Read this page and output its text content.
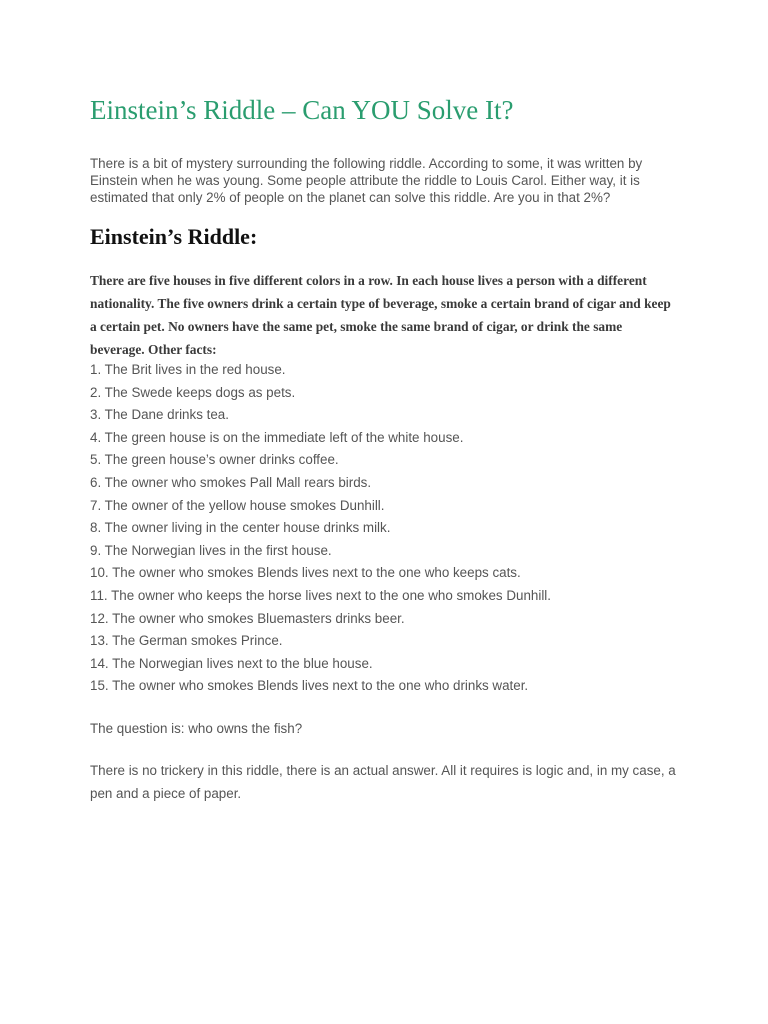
Einstein’s Riddle – Can YOU Solve It?

There is a bit of mystery surrounding the following riddle. According to some, it was written by Einstein when he was young. Some people attribute the riddle to Louis Carol. Either way, it is estimated that only 2% of people on the planet can solve this riddle. Are you in that 2%?

Einstein’s Riddle:

There are five houses in five different colors in a row. In each house lives a person with a different nationality. The five owners drink a certain type of beverage, smoke a certain brand of cigar and keep a certain pet. No owners have the same pet, smoke the same brand of cigar, or drink the same beverage. Other facts:

1. The Brit lives in the red house.
2. The Swede keeps dogs as pets.
3. The Dane drinks tea.
4. The green house is on the immediate left of the white house.
5. The green house’s owner drinks coffee.
6. The owner who smokes Pall Mall rears birds.
7. The owner of the yellow house smokes Dunhill.
8. The owner living in the center house drinks milk.
9. The Norwegian lives in the first house.
10. The owner who smokes Blends lives next to the one who keeps cats.
11. The owner who keeps the horse lives next to the one who smokes Dunhill.
12. The owner who smokes Bluemasters drinks beer.
13. The German smokes Prince.
14. The Norwegian lives next to the blue house.
15. The owner who smokes Blends lives next to the one who drinks water.

The question is: who owns the fish?

There is no trickery in this riddle, there is an actual answer. All it requires is logic and, in my case, a pen and a piece of paper.
